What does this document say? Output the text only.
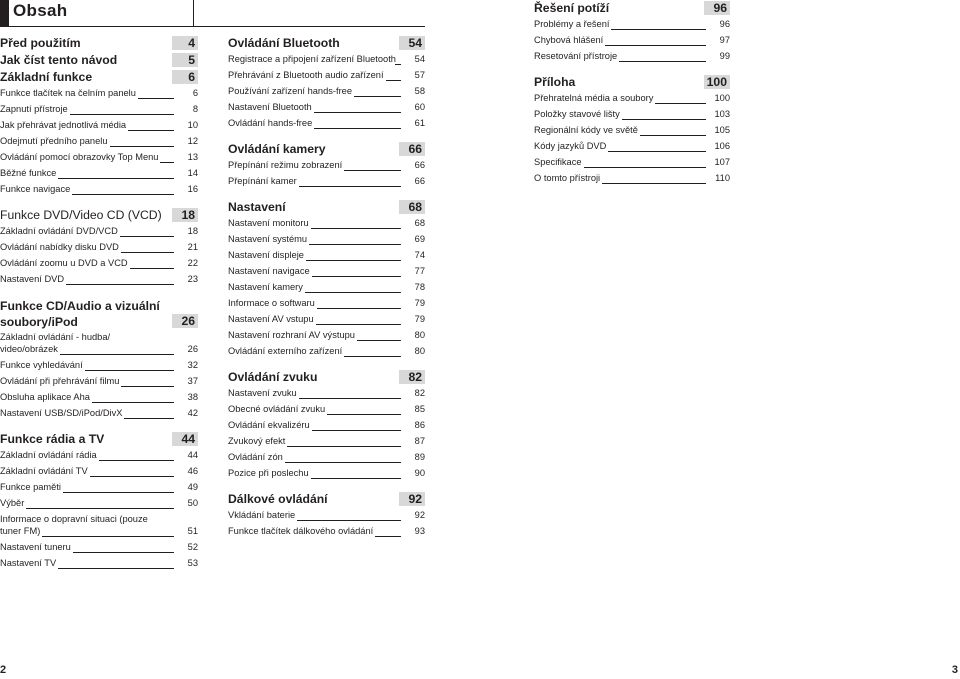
Obsah
Před použitím	4
Jak číst tento návod	5
Základní funkce	6
Funkce tlačítek na čelním panelu	6
Zapnutí přístroje	8
Jak přehrávat jednotlivá média	10
Odejmutí předního panelu	12
Ovládání pomocí obrazovky Top Menu	13
Běžné funkce	14
Funkce navigace	16
Funkce DVD/Video CD (VCD)	18
Základní ovládání DVD/VCD	18
Ovládání nabídky disku DVD	21
Ovládání zoomu u DVD a VCD	22
Nastavení DVD	23
Funkce CD/Audio a vizuální soubory/iPod	26
Základní ovládání - hudba/ video/obrázek	26
Funkce vyhledávání	32
Ovládání při přehrávání filmu	37
Obsluha aplikace Aha	38
Nastavení USB/SD/iPod/DivX	42
Funkce rádia a TV	44
Základní ovládání rádia	44
Základní ovládání TV	46
Funkce paměti	49
Výběr	50
Informace o dopravní situaci (pouze tuner FM)	51
Nastavení tuneru	52
Nastavení TV	53
Ovládání Bluetooth	54
Registrace a připojení zařízení Bluetooth	54
Přehrávání z Bluetooth audio zařízení	57
Používání zařízení hands-free	58
Nastavení Bluetooth	60
Ovládání hands-free	61
Ovládání kamery	66
Přepínání režimu zobrazení	66
Přepínání kamer	66
Nastavení	68
Nastavení monitoru	68
Nastavení systému	69
Nastavení displeje	74
Nastavení navigace	77
Nastavení kamery	78
Informace o softwaru	79
Nastavení AV vstupu	79
Nastavení rozhraní AV výstupu	80
Ovládání externího zařízení	80
Ovládání zvuku	82
Nastavení zvuku	82
Obecné ovládání zvuku	85
Ovládání ekvalizéru	86
Zvukový efekt	87
Ovládání zón	89
Pozice při poslechu	90
Dálkové ovládání	92
Vkládání baterie	92
Funkce tlačítek dálkového ovládání	93
Řešení potíží	96
Problémy a řešení	96
Chybová hlášení	97
Resetování přístroje	99
Příloha	100
Přehratelná média a soubory	100
Položky stavové lišty	103
Regionální kódy ve světě	105
Kódy jazyků DVD	106
Specifikace	107
O tomto přístroji	110
2	3
